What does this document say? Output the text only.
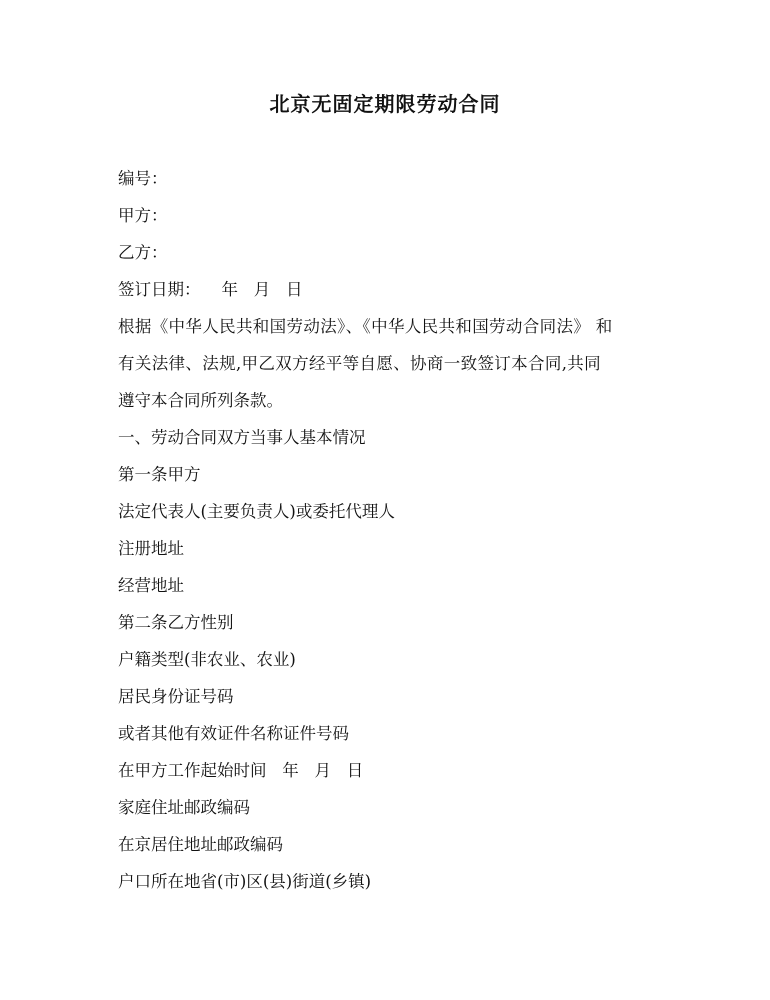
北京无固定期限劳动合同
编号：
甲方：
乙方：
签订日期：    年   月   日
根据《中华人民共和国劳动法》、《中华人民共和国劳动合同法》 和
有关法律、法规,甲乙双方经平等自愿、协商一致签订本合同,共同
遵守本合同所列条款。
一、劳动合同双方当事人基本情况
第一条甲方
法定代表人(主要负责人)或委托代理人
注册地址
经营地址
第二条乙方性别
户籍类型(非农业、农业)
居民身份证号码
或者其他有效证件名称证件号码
在甲方工作起始时间   年   月   日
家庭住址邮政编码
在京居住地址邮政编码
户口所在地省(市)区(县)街道(乡镇)
